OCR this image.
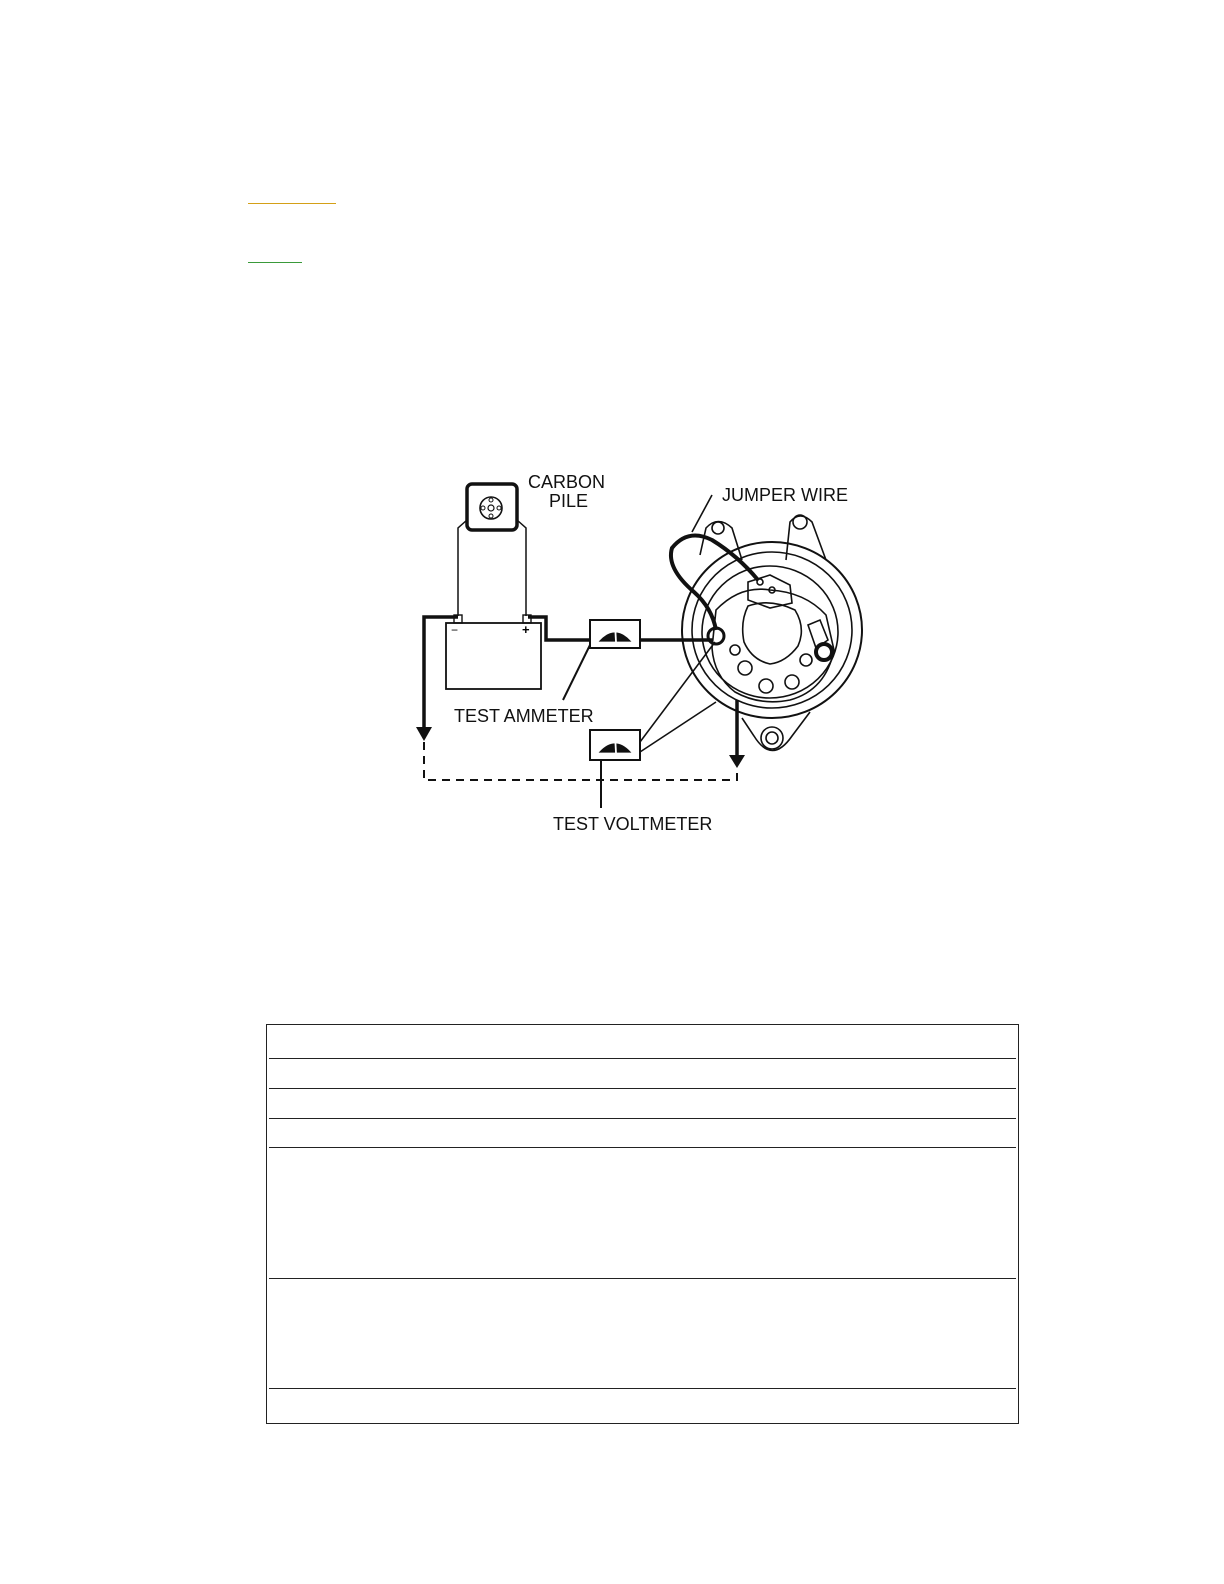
CARBON
PILE
−	+
TEST AMMETER
TEST VOLTMETER
JUMPER WIRE
